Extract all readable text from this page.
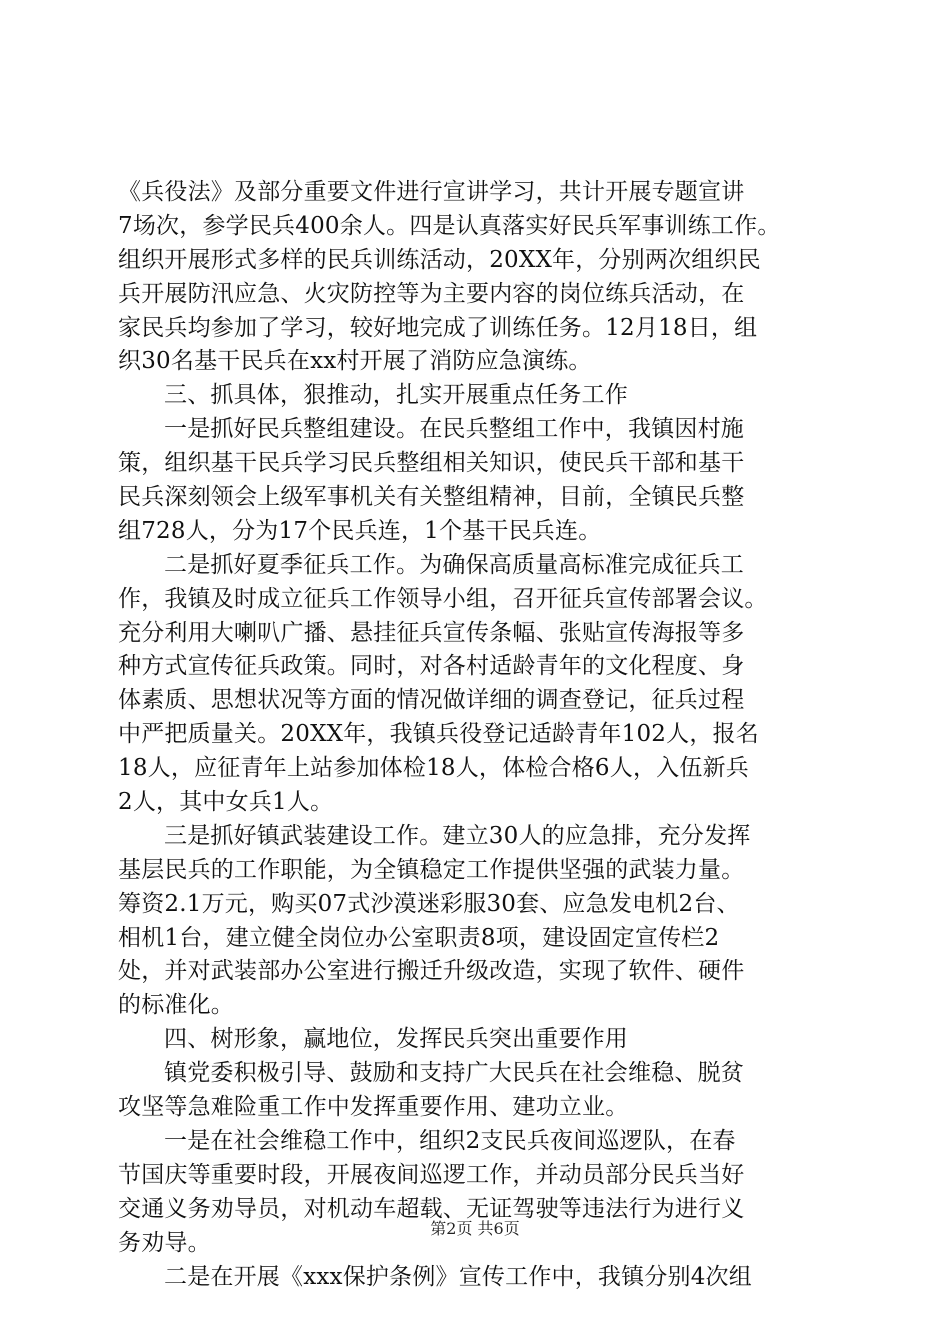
《兵役法》及部分重要文件进行宣讲学习，共计开展专题宣讲
7场次，参学民兵400余人。四是认真落实好民兵军事训练工作。
组织开展形式多样的民兵训练活动，20XX年，分别两次组织民
兵开展防汛应急、火灾防控等为主要内容的岗位练兵活动，在
家民兵均参加了学习，较好地完成了训练任务。12月18日，组
织30名基干民兵在xx村开展了消防应急演练。
三、抓具体，狠推动，扎实开展重点任务工作
一是抓好民兵整组建设。在民兵整组工作中，我镇因村施
策，组织基干民兵学习民兵整组相关知识，使民兵干部和基干
民兵深刻领会上级军事机关有关整组精神，目前，全镇民兵整
组728人，分为17个民兵连，1个基干民兵连。
二是抓好夏季征兵工作。为确保高质量高标准完成征兵工
作，我镇及时成立征兵工作领导小组，召开征兵宣传部署会议。
充分利用大喇叭广播、悬挂征兵宣传条幅、张贴宣传海报等多
种方式宣传征兵政策。同时，对各村适龄青年的文化程度、身
体素质、思想状况等方面的情况做详细的调查登记，征兵过程
中严把质量关。20XX年，我镇兵役登记适龄青年102人，报名
18人，应征青年上站参加体检18人，体检合格6人，入伍新兵
2人，其中女兵1人。
三是抓好镇武装建设工作。建立30人的应急排，充分发挥
基层民兵的工作职能，为全镇稳定工作提供坚强的武装力量。
筹资2.1万元，购买07式沙漠迷彩服30套、应急发电机2台、
相机1台，建立健全岗位办公室职责8项，建设固定宣传栏2
处，并对武装部办公室进行搬迁升级改造，实现了软件、硬件
的标准化。
四、树形象，赢地位，发挥民兵突出重要作用
镇党委积极引导、鼓励和支持广大民兵在社会维稳、脱贫
攻坚等急难险重工作中发挥重要作用、建功立业。
一是在社会维稳工作中，组织2支民兵夜间巡逻队，在春
节国庆等重要时段，开展夜间巡逻工作，并动员部分民兵当好
交通义务劝导员，对机动车超载、无证驾驶等违法行为进行义
务劝导。
二是在开展《xxx保护条例》宣传工作中，我镇分别4次组
第2页 共6页
